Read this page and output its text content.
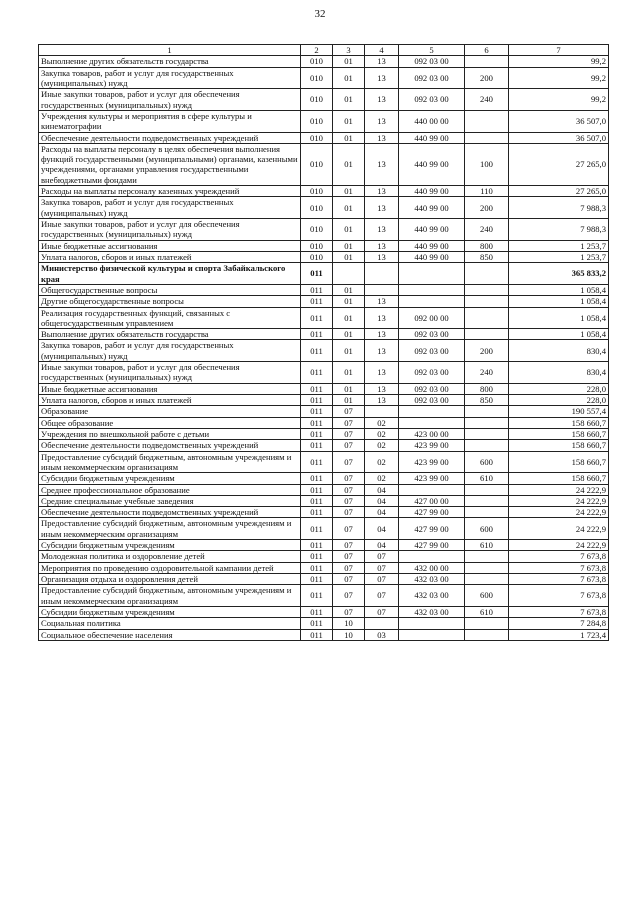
32
1	2	3	4	5	6	7
Выполнение других обязательств государства	010	01	13	092 03 00		99,2
Закупка товаров, работ и услуг для государственных (муниципальных) нужд	010	01	13	092 03 00	200	99,2
Иные закупки товаров, работ и услуг для обеспечения государственных (муниципальных) нужд	010	01	13	092 03 00	240	99,2
Учреждения культуры и мероприятия в сфере культуры и кинематографии	010	01	13	440 00 00		36 507,0
Обеспечение деятельности подведомственных учреждений	010	01	13	440 99 00		36 507,0
Расходы на выплаты персоналу в целях обеспечения выполнения функций государственными (муниципальными) органами, казенными учреждениями, органами управления государственными внебюджетными фондами	010	01	13	440 99 00	100	27 265,0
Расходы на выплаты персоналу казенных учреждений	010	01	13	440 99 00	110	27 265,0
Закупка товаров, работ и услуг для государственных (муниципальных) нужд	010	01	13	440 99 00	200	7 988,3
Иные закупки товаров, работ и услуг для обеспечения государственных (муниципальных) нужд	010	01	13	440 99 00	240	7 988,3
Иные бюджетные ассигнования	010	01	13	440 99 00	800	1 253,7
Уплата налогов, сборов и иных платежей	010	01	13	440 99 00	850	1 253,7
Министерство физической культуры и спорта Забайкальского края	011					365 833,2
Общегосударственные вопросы	011	01				1 058,4
Другие общегосударственные вопросы	011	01	13			1 058,4
Реализация государственных функций, связанных с общегосударственным управлением	011	01	13	092 00 00		1 058,4
Выполнение других обязательств государства	011	01	13	092 03 00		1 058,4
Закупка товаров, работ и услуг для государственных (муниципальных) нужд	011	01	13	092 03 00	200	830,4
Иные закупки товаров, работ и услуг для обеспечения государственных (муниципальных) нужд	011	01	13	092 03 00	240	830,4
Иные бюджетные ассигнования	011	01	13	092 03 00	800	228,0
Уплата налогов, сборов и иных платежей	011	01	13	092 03 00	850	228,0
Образование	011	07				190 557,4
Общее образование	011	07	02			158 660,7
Учреждения по внешкольной работе с детьми	011	07	02	423 00 00		158 660,7
Обеспечение деятельности подведомственных учреждений	011	07	02	423 99 00		158 660,7
Предоставление субсидий бюджетным, автономным учреждениям и иным некоммерческим организациям	011	07	02	423 99 00	600	158 660,7
Субсидии бюджетным учреждениям	011	07	02	423 99 00	610	158 660,7
Среднее профессиональное образование	011	07	04			24 222,9
Средние специальные учебные заведения	011	07	04	427 00 00		24 222,9
Обеспечение деятельности подведомственных учреждений	011	07	04	427 99 00		24 222,9
Предоставление субсидий бюджетным, автономным учреждениям и иным некоммерческим организациям	011	07	04	427 99 00	600	24 222,9
Субсидии бюджетным учреждениям	011	07	04	427 99 00	610	24 222,9
Молодежная политика и оздоровление детей	011	07	07			7 673,8
Мероприятия по проведению оздоровительной кампании детей	011	07	07	432 00 00		7 673,8
Организация отдыха и оздоровления детей	011	07	07	432 03 00		7 673,8
Предоставление субсидий бюджетным, автономным учреждениям и иным некоммерческим организациям	011	07	07	432 03 00	600	7 673,8
Субсидии бюджетным учреждениям	011	07	07	432 03 00	610	7 673,8
Социальная политика	011	10				7 284,8
Социальное обеспечение населения	011	10	03			1 723,4
